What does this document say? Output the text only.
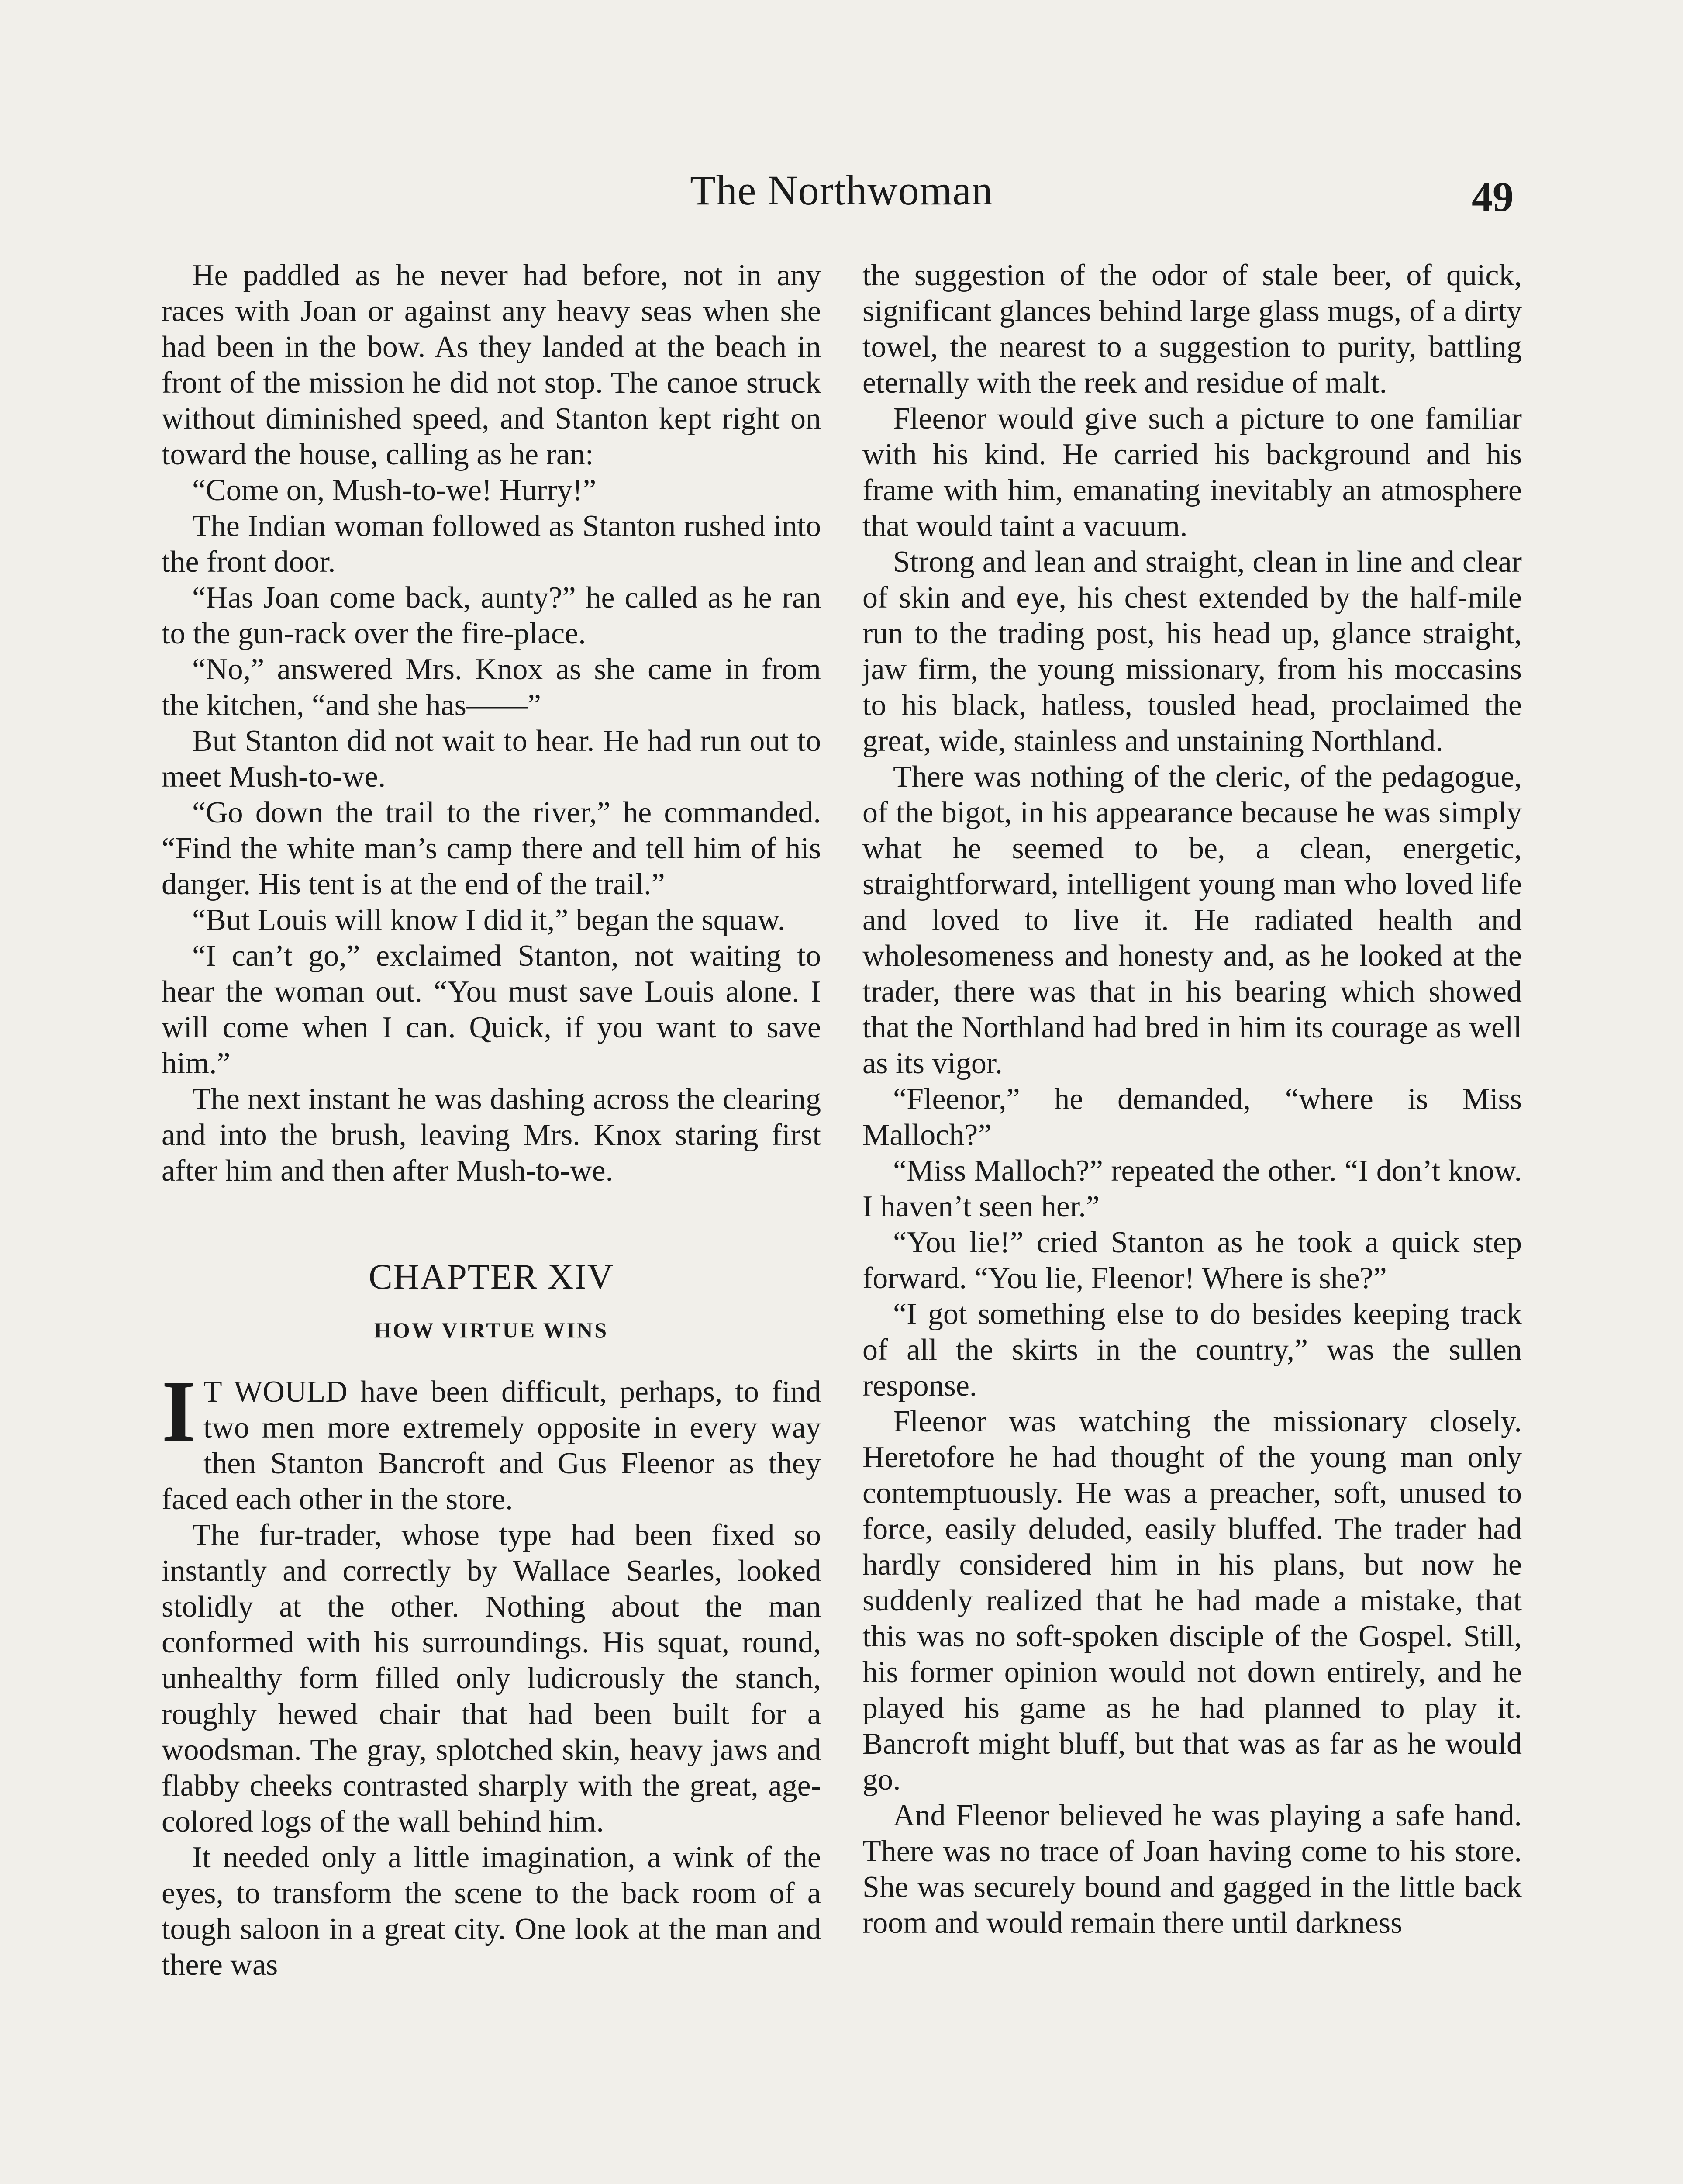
The Northwoman	49

He paddled as he never had before, not in any races with Joan or against any heavy seas when she had been in the bow. As they landed at the beach in front of the mission he did not stop. The canoe struck without diminished speed, and Stanton kept right on toward the house, calling as he ran:

“Come on, Mush-to-we! Hurry!”

The Indian woman followed as Stanton rushed into the front door.

“Has Joan come back, aunty?” he called as he ran to the gun-rack over the fire-place.

“No,” answered Mrs. Knox as she came in from the kitchen, “and she has——”

But Stanton did not wait to hear. He had run out to meet Mush-to-we.

“Go down the trail to the river,” he commanded. “Find the white man’s camp there and tell him of his danger. His tent is at the end of the trail.”

“But Louis will know I did it,” began the squaw.

“I can’t go,” exclaimed Stanton, not waiting to hear the woman out. “You must save Louis alone. I will come when I can. Quick, if you want to save him.”

The next instant he was dashing across the clearing and into the brush, leaving Mrs. Knox staring first after him and then after Mush-to-we.

CHAPTER XIV
HOW VIRTUE WINS

I T WOULD have been difficult, perhaps, to find two men more extremely opposite in every way then Stanton Bancroft and Gus Fleenor as they faced each other in the store.

The fur-trader, whose type had been fixed so instantly and correctly by Wallace Searles, looked stolidly at the other. Nothing about the man conformed with his surroundings. His squat, round, unhealthy form filled only ludicrously the stanch, roughly hewed chair that had been built for a woodsman. The gray, splotched skin, heavy jaws and flabby cheeks contrasted sharply with the great, age-colored logs of the wall behind him.

It needed only a little imagination, a wink of the eyes, to transform the scene to the back room of a tough saloon in a great city. One look at the man and there was

the suggestion of the odor of stale beer, of quick, significant glances behind large glass mugs, of a dirty towel, the nearest to a suggestion to purity, battling eternally with the reek and residue of malt.

Fleenor would give such a picture to one familiar with his kind. He carried his background and his frame with him, emanating inevitably an atmosphere that would taint a vacuum.

Strong and lean and straight, clean in line and clear of skin and eye, his chest extended by the half-mile run to the trading post, his head up, glance straight, jaw firm, the young missionary, from his moccasins to his black, hatless, tousled head, proclaimed the great, wide, stainless and unstaining Northland.

There was nothing of the cleric, of the pedagogue, of the bigot, in his appearance because he was simply what he seemed to be, a clean, energetic, straightforward, intelligent young man who loved life and loved to live it. He radiated health and wholesomeness and honesty and, as he looked at the trader, there was that in his bearing which showed that the Northland had bred in him its courage as well as its vigor.

“Fleenor,” he demanded, “where is Miss Malloch?”

“Miss Malloch?” repeated the other. “I don’t know. I haven’t seen her.”

“You lie!” cried Stanton as he took a quick step forward. “You lie, Fleenor! Where is she?”

“I got something else to do besides keeping track of all the skirts in the country,” was the sullen response.

Fleenor was watching the missionary closely. Heretofore he had thought of the young man only contemptuously. He was a preacher, soft, unused to force, easily deluded, easily bluffed. The trader had hardly considered him in his plans, but now he suddenly realized that he had made a mistake, that this was no soft-spoken disciple of the Gospel. Still, his former opinion would not down entirely, and he played his game as he had planned to play it. Bancroft might bluff, but that was as far as he would go.

And Fleenor believed he was playing a safe hand. There was no trace of Joan having come to his store. She was securely bound and gagged in the little back room and would remain there until darkness
